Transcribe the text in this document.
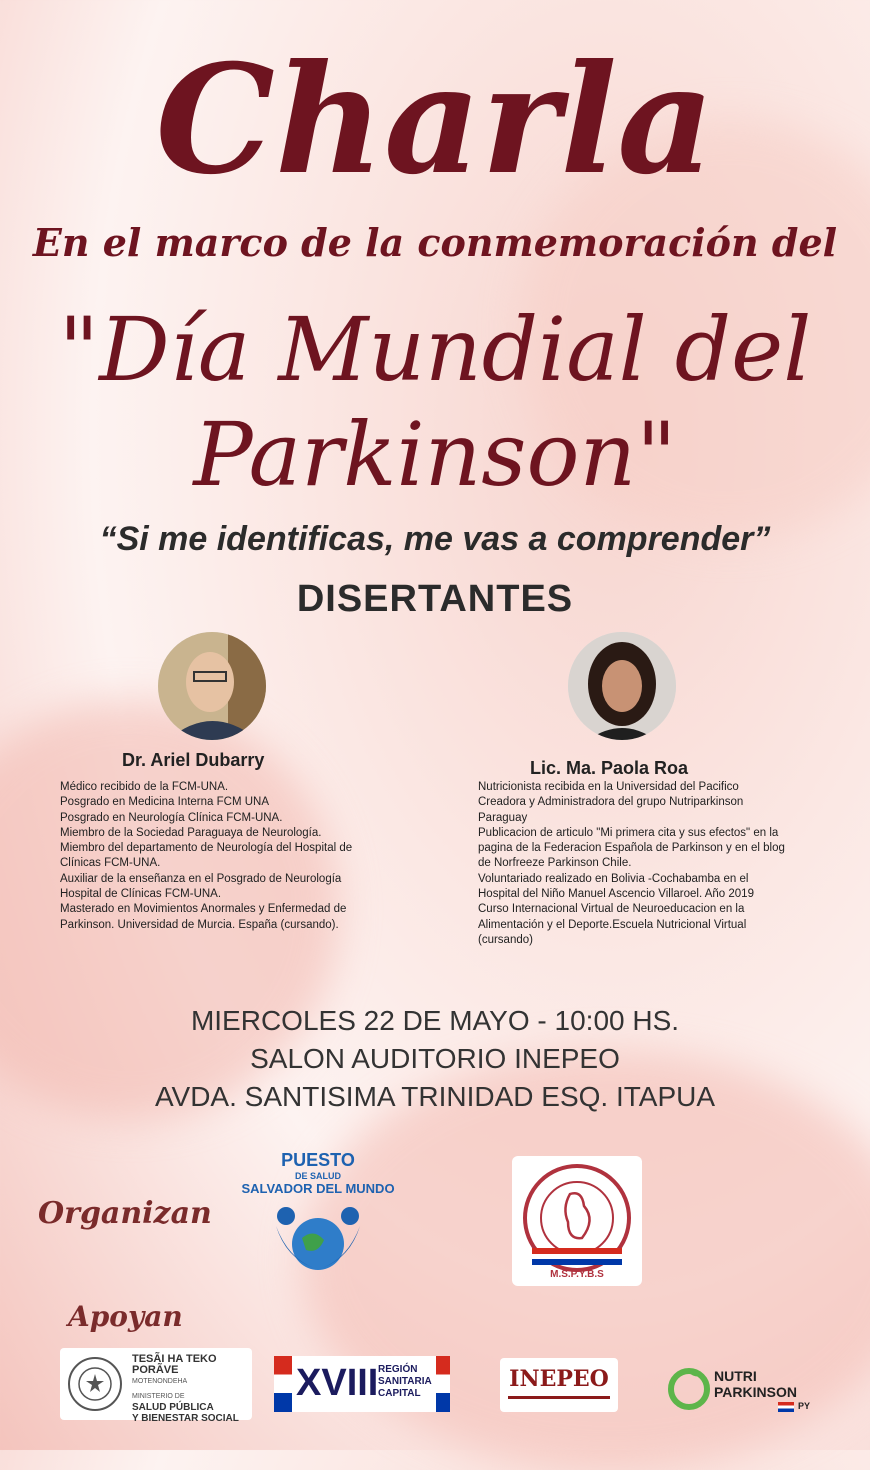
Charla
En el marco de la conmemoración del
"Día Mundial del
Parkinson"
“Si me identificas, me vas a comprender”
DISERTANTES
Dr. Ariel Dubarry
Médico recibido de la FCM-UNA.
Posgrado en Medicina Interna FCM UNA
Posgrado en Neurología Clínica FCM-UNA.
Miembro de la Sociedad Paraguaya de Neurología.
Miembro del departamento de Neurología del Hospital de
Clínicas FCM-UNA.
Auxiliar de la enseñanza en el Posgrado de Neurología
Hospital de Clínicas FCM-UNA.
Masterado en Movimientos Anormales y Enfermedad de
Parkinson. Universidad de Murcia. España (cursando).
Lic. Ma. Paola Roa
Nutricionista recibida en la Universidad del Pacifico
Creadora y Administradora del grupo Nutriparkinson
Paraguay
Publicacion de articulo "Mi primera cita y sus efectos" en la
pagina de la Federacion Española de Parkinson y en el blog
de Norfreeze Parkinson Chile.
Voluntariado realizado en Bolivia -Cochabamba en el
Hospital del Niño Manuel Ascencio Villaroel. Año 2019
Curso Internacional Virtual de Neuroeducacion en la
Alimentación y el Deporte.Escuela Nutricional Virtual
(cursando)
MIERCOLES 22 DE MAYO - 10:00 HS.
SALON AUDITORIO INEPEO
AVDA. SANTISIMA TRINIDAD ESQ. ITAPUA
Organizan
PUESTO
DE SALUD
SALVADOR DEL MUNDO
M.S.P.Y.B.S
Apoyan
TESÃI HA TEKO
PORÃVE
MOTENONDEHA
MINISTERIO DE
SALUD PÚBLICA
Y BIENESTAR SOCIAL
XVIII REGIÓN
SANITARIA
CAPITAL
INEPEO	NUTRI
PARKINSON
PY
